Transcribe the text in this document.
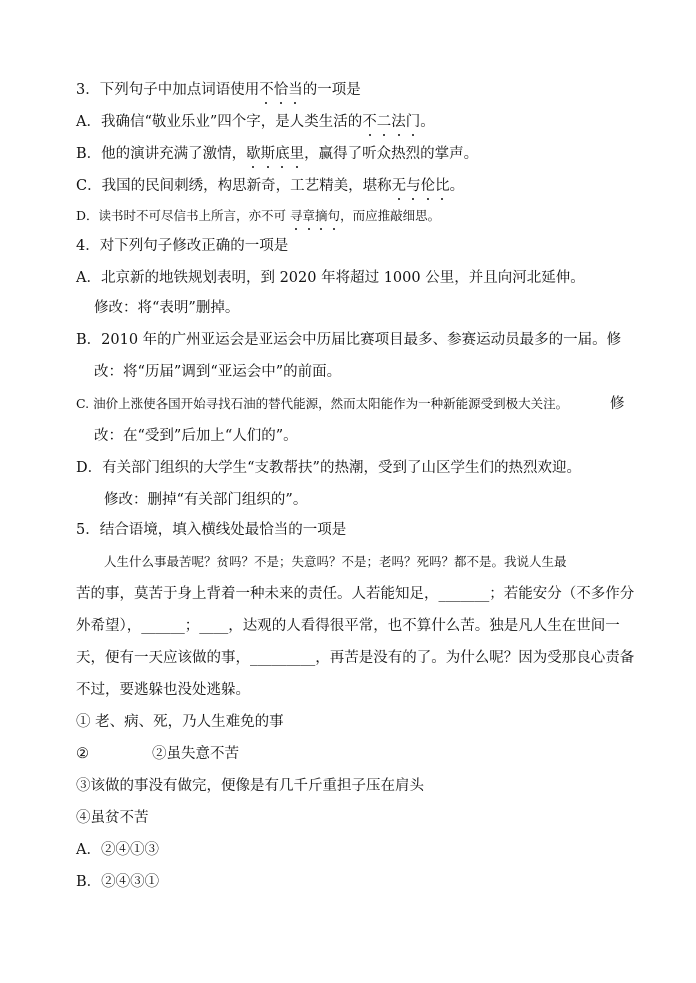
3．下列句子中加点词语使用不恰当的一项是
A．我确信“敬业乐业”四个字，是人类生活的不二法门。
B．他的演讲充满了激情，歇斯底里，赢得了听众热烈的掌声。
C．我国的民间刺绣，构思新奇，工艺精美，堪称无与伦比。
D．读书时不可尽信书上所言，亦不可 寻章摘句，而应推敲细思。
4．对下列句子修改正确的一项是
A．北京新的地铁规划表明，到 2020 年将超过 1000 公里，并且向河北延伸。
修改：将“表明”删掉。
B．2010 年的广州亚运会是亚运会中历届比赛项目最多、参赛运动员最多的一届。修
改：将“历届”调到“亚运会中”的前面。
C. 油价上涨使各国开始寻找石油的替代能源，然而太阳能作为一种新能源受到极大关注。	修
改：在“受到”后加上“人们的”。
D．有关部门组织的大学生“支教帮扶”的热潮，受到了山区学生们的热烈欢迎。
修改：删掉“有关部门组织的”。
5．结合语境，填入横线处最恰当的一项是
人生什么事最苦呢？贫吗？不是；失意吗？不是；老吗？死吗？都不是。我说人生最
苦的事，莫苦于身上背着一种未来的责任。人若能知足，_______；若能安分（不多作分
外希望），______；____，达观的人看得很平常，也不算什么苦。独是凡人生在世间一
天，便有一天应该做的事，_________，再苦是没有的了。为什么呢？因为受那良心责备
不过，要逃躲也没处逃躲。
① 老、病、死，乃人生难免的事
②	②虽失意不苦
③该做的事没有做完，便像是有几千斤重担子压在肩头
④虽贫不苦
A．②④①③
B．②④③①
